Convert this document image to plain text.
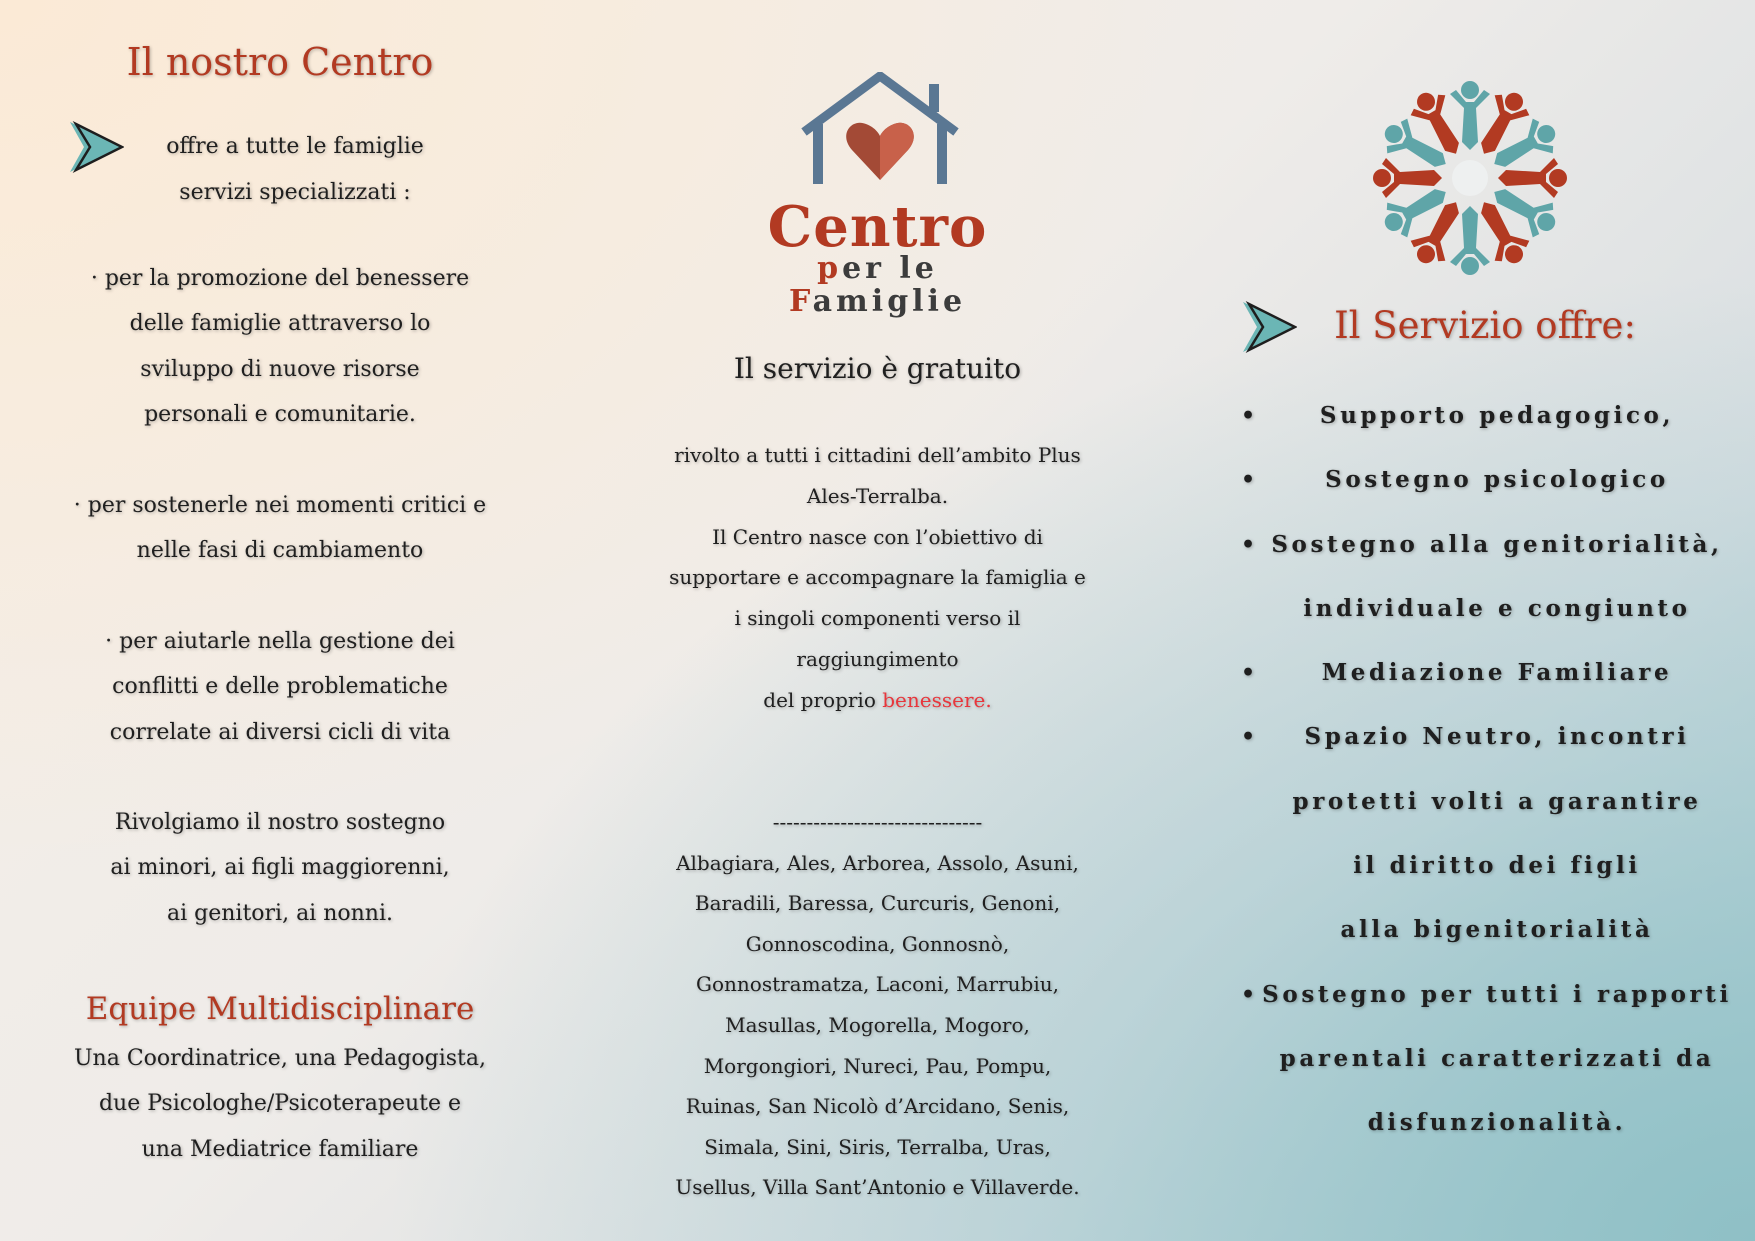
Il nostro Centro
offre a tutte le famiglie
servizi specializzati :
· per la promozione del benessere
delle famiglie attraverso lo
sviluppo di nuove risorse
personali e comunitarie.
· per sostenerle nei momenti critici e
nelle fasi di cambiamento
· per aiutarle nella gestione dei
conflitti e delle problematiche
correlate ai diversi cicli di vita
Rivolgiamo il nostro sostegno
ai minori, ai figli maggiorenni,
ai genitori, ai nonni.
Equipe Multidisciplinare
Una Coordinatrice, una Pedagogista,
due Psicologhe/Psicoterapeute e
una Mediatrice familiare
Centro
per le
Famiglie
Il servizio è gratuito
rivolto a tutti i cittadini dell’ambito Plus
Ales-Terralba.
Il Centro nasce con l’obiettivo di
supportare e accompagnare la famiglia e
i singoli componenti verso il
raggiungimento
del proprio benessere.
-------------------------------
Albagiara, Ales, Arborea, Assolo, Asuni,
Baradili, Baressa, Curcuris, Genoni,
Gonnoscodina, Gonnosnò,
Gonnostramatza, Laconi, Marrubiu,
Masullas, Mogorella, Mogoro,
Morgongiori, Nureci, Pau, Pompu,
Ruinas, San Nicolò d’Arcidano, Senis,
Simala, Sini, Siris, Terralba, Uras,
Usellus, Villa Sant’Antonio e Villaverde.
Il Servizio offre:
•	Supporto pedagogico,
•	Sostegno psicologico
• Sostegno alla genitorialità,
individuale e congiunto
•	Mediazione Familiare
•	Spazio Neutro, incontri
protetti volti a garantire
il diritto dei figli
alla bigenitorialità
• Sostegno per tutti i rapporti
parentali caratterizzati da
disfunzionalità.
